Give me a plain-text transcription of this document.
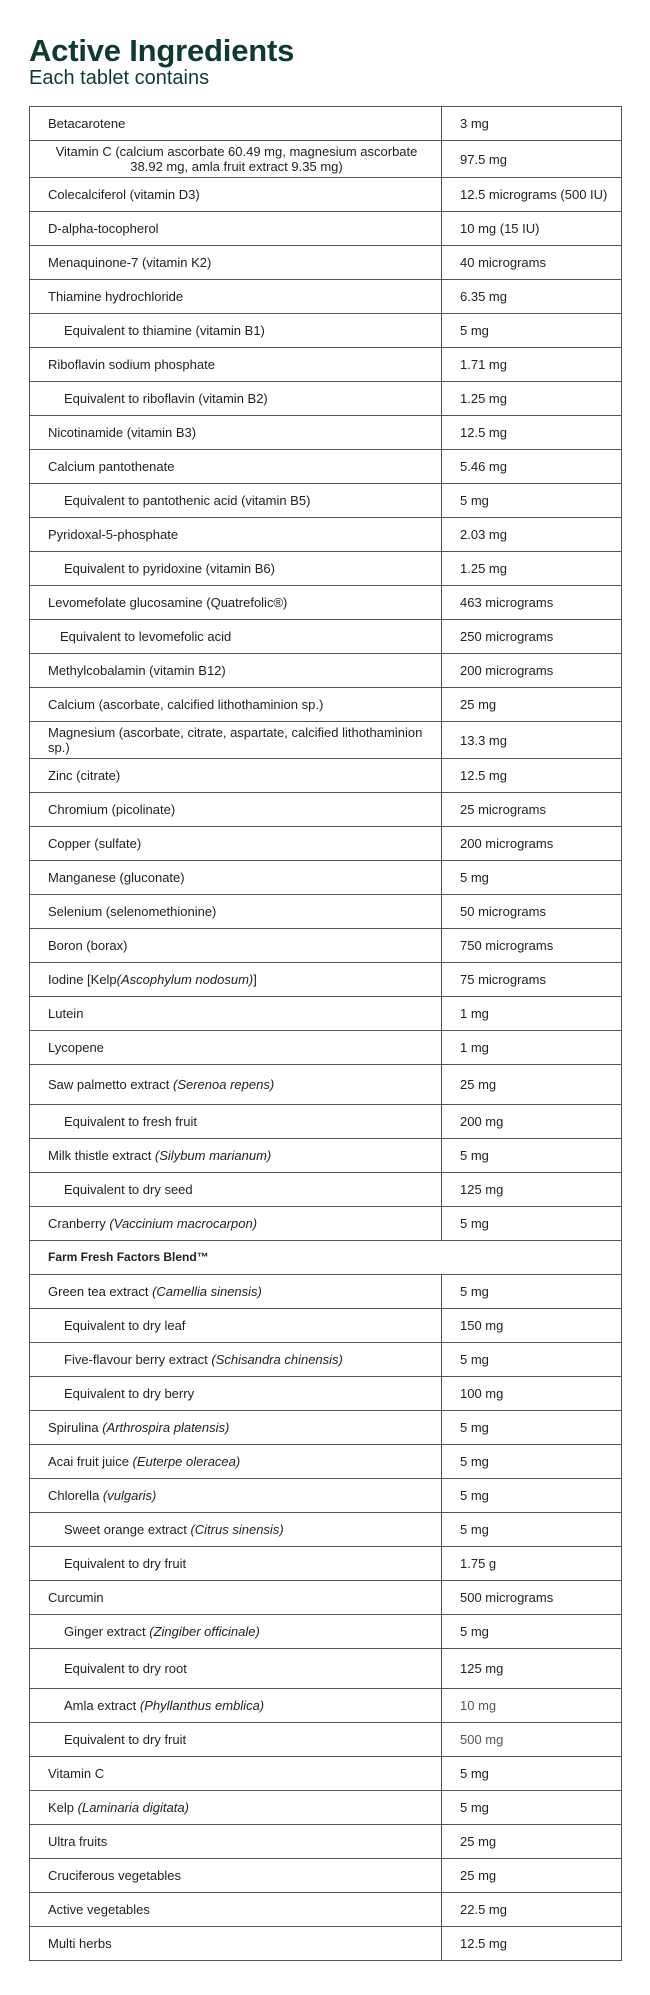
Active Ingredients
Each tablet contains
Betacarotene	3 mg
Vitamin C (calcium ascorbate 60.49 mg, magnesium ascorbate 38.92 mg, amla fruit extract 9.35 mg)	97.5 mg
Colecalciferol (vitamin D3)	12.5 micrograms (500 IU)
D-alpha-tocopherol	10 mg (15 IU)
Menaquinone-7 (vitamin K2)	40 micrograms
Thiamine hydrochloride	6.35 mg
Equivalent to thiamine (vitamin B1)	5 mg
Riboflavin sodium phosphate	1.71 mg
Equivalent to riboflavin (vitamin B2)	1.25 mg
Nicotinamide (vitamin B3)	12.5 mg
Calcium pantothenate	5.46 mg
Equivalent to pantothenic acid (vitamin B5)	5 mg
Pyridoxal-5-phosphate	2.03 mg
Equivalent to pyridoxine (vitamin B6)	1.25 mg
Levomefolate glucosamine (Quatrefolic®)	463 micrograms
Equivalent to levomefolic acid	250 micrograms
Methylcobalamin (vitamin B12)	200 micrograms
Calcium (ascorbate, calcified lithothaminion sp.)	25 mg
Magnesium (ascorbate, citrate, aspartate, calcified lithothaminion sp.)	13.3 mg
Zinc (citrate)	12.5 mg
Chromium (picolinate)	25 micrograms
Copper (sulfate)	200 micrograms
Manganese (gluconate)	5 mg
Selenium (selenomethionine)	50 micrograms
Boron (borax)	750 micrograms
Iodine [Kelp(Ascophylum nodosum)]	75 micrograms
Lutein	1 mg
Lycopene	1 mg
Saw palmetto extract (Serenoa repens)	25 mg
Equivalent to fresh fruit	200 mg
Milk thistle extract (Silybum marianum)	5 mg
Equivalent to dry seed	125 mg
Cranberry (Vaccinium macrocarpon)	5 mg
Farm Fresh Factors Blend™	
Green tea extract (Camellia sinensis)	5 mg
Equivalent to dry leaf	150 mg
Five-flavour berry extract (Schisandra chinensis)	5 mg
Equivalent to dry berry	100 mg
Spirulina (Arthrospira platensis)	5 mg
Acai fruit juice (Euterpe oleracea)	5 mg
Chlorella (vulgaris)	5 mg
Sweet orange extract (Citrus sinensis)	5 mg
Equivalent to dry fruit	1.75 g
Curcumin	500 micrograms
Ginger extract (Zingiber officinale)	5 mg
Equivalent to dry root	125 mg
Amla extract (Phyllanthus emblica)	10 mg
Equivalent to dry fruit	500 mg
Vitamin C	5 mg
Kelp (Laminaria digitata)	5 mg
Ultra fruits	25 mg
Cruciferous vegetables	25 mg
Active vegetables	22.5 mg
Multi herbs	12.5 mg
